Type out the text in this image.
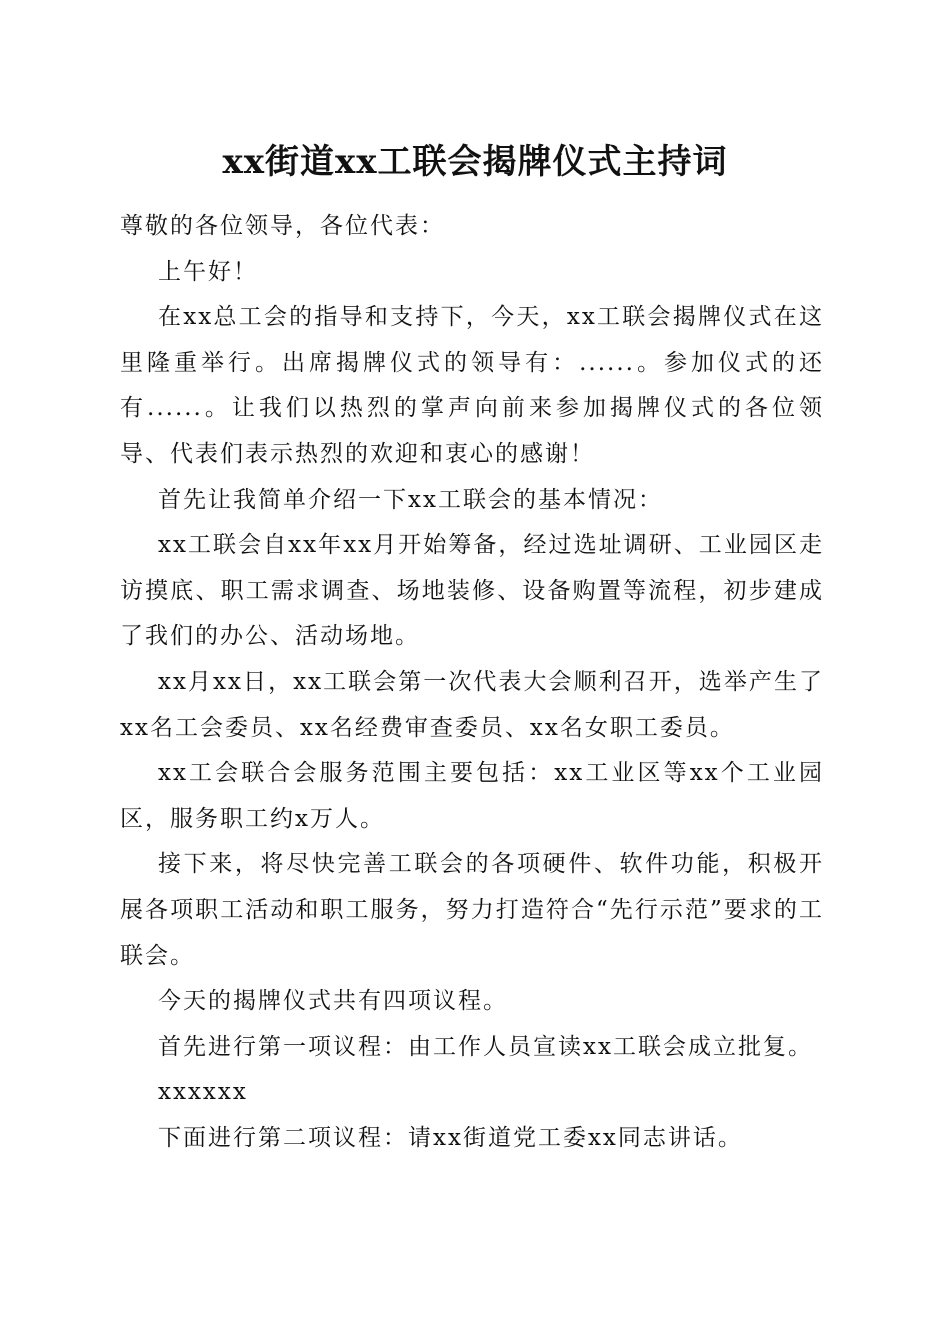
xx街道xx工联会揭牌仪式主持词

尊敬的各位领导，各位代表：

上午好！

在xx总工会的指导和支持下，今天，xx工联会揭牌仪式在这里隆重举行。出席揭牌仪式的领导有：......。参加仪式的还有......。让我们以热烈的掌声向前来参加揭牌仪式的各位领导、代表们表示热烈的欢迎和衷心的感谢！

首先让我简单介绍一下xx工联会的基本情况：

xx工联会自xx年xx月开始筹备，经过选址调研、工业园区走访摸底、职工需求调查、场地装修、设备购置等流程，初步建成了我们的办公、活动场地。

xx月xx日，xx工联会第一次代表大会顺利召开，选举产生了xx名工会委员、xx名经费审查委员、xx名女职工委员。

xx工会联合会服务范围主要包括：xx工业区等xx个工业园区，服务职工约x万人。

接下来，将尽快完善工联会的各项硬件、软件功能，积极开展各项职工活动和职工服务，努力打造符合“先行示范”要求的工联会。

今天的揭牌仪式共有四项议程。

首先进行第一项议程：由工作人员宣读xx工联会成立批复。

xxxxxx

下面进行第二项议程：请xx街道党工委xx同志讲话。
